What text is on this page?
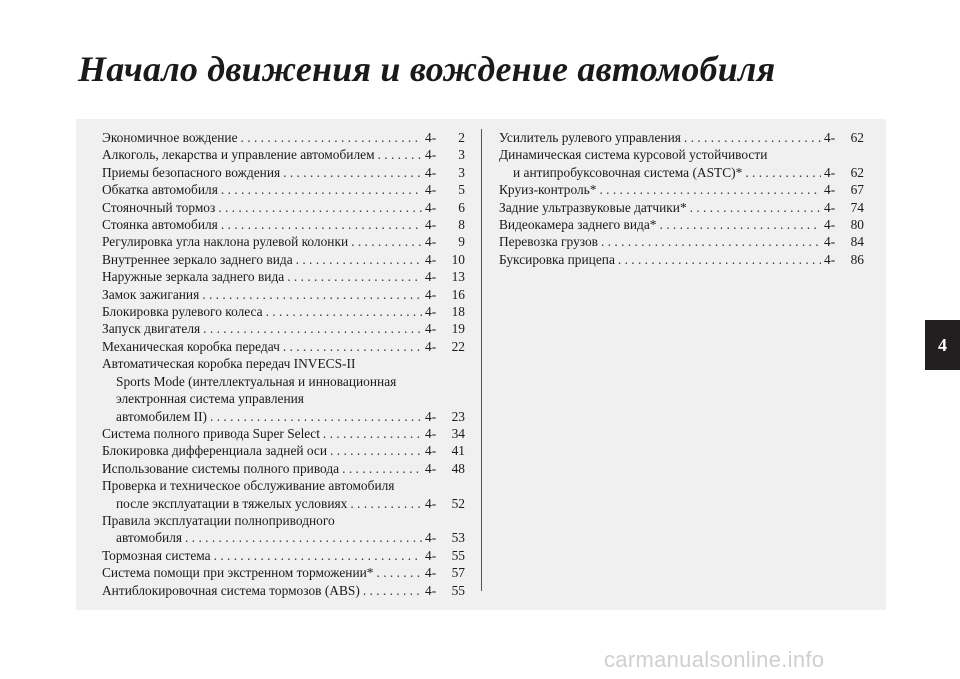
Начало движения и вождение автомобиля
Экономичное вождение . . .	4-	2
Алкоголь, лекарства и управление автомобилем . . .	4-	3
Приемы безопасного вождения . . .	4-	3
Обкатка автомобиля . . .	4-	5
Стояночный тормоз . . .	4-	6
Стоянка автомобиля . . .	4-	8
Регулировка угла наклона рулевой колонки . . .	4-	9
Внутреннее зеркало заднего вида . . .	4-	10
Наружные зеркала заднего вида . . .	4-	13
Замок зажигания . . .	4-	16
Блокировка рулевого колеса . . .	4-	18
Запуск двигателя . . .	4-	19
Механическая коробка передач . . .	4-	22
Автоматическая коробка передач INVECS-II
Sports Mode (интеллектуальная и инновационная
электронная система управления
автомобилем II) . . .	4-	23
Система полного привода Super Select . . .	4-	34
Блокировка дифференциала задней оси . . .	4-	41
Использование системы полного привода . . .	4-	48
Проверка и техническое обслуживание автомобиля
после эксплуатации в тяжелых условиях . . .	4-	52
Правила эксплуатации полноприводного
автомобиля . . .	4-	53
Тормозная система . . .	4-	55
Система помощи при экстренном торможении* . . .	4-	57
Антиблокировочная система тормозов (ABS) . . .	4-	55
Усилитель рулевого управления . . .	4-	62
Динамическая система курсовой устойчивости
и антипробуксовочная система (ASTC)* . . .	4-	62
Круиз-контроль* . . .	4-	67
Задние ультразвуковые датчики* . . .	4-	74
Видеокамера заднего вида* . . .	4-	80
Перевозка грузов . . .	4-	84
Буксировка прицепа . . .	4-	86
4
carmanualsonline.info
